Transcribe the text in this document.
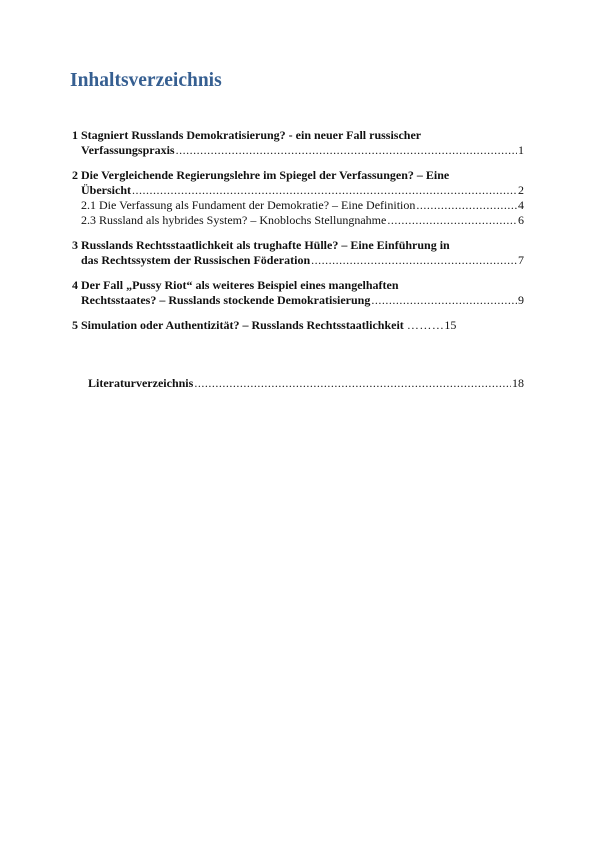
Inhaltsverzeichnis
1 Stagniert Russlands Demokratisierung? - ein neuer Fall russischer
Verfassungspraxis .....	1
2 Die Vergleichende Regierungslehre im Spiegel der Verfassungen? – Eine
Übersicht .....	2
2.1 Die Verfassung als Fundament der Demokratie? – Eine Definition .....	4
2.3 Russland als hybrides System? – Knoblochs Stellungnahme .....	6
3 Russlands Rechtsstaatlichkeit als trughafte Hülle? – Eine Einführung in
das Rechtssystem der Russischen Föderation .....	7
4 Der Fall „Pussy Riot“ als weiteres Beispiel eines mangelhaften
Rechtsstaates? – Russlands stockende Demokratisierung .....	9
5 Simulation oder Authentizität? – Russlands Rechtsstaatlichkeit ………15
Literaturverzeichnis .....	18
